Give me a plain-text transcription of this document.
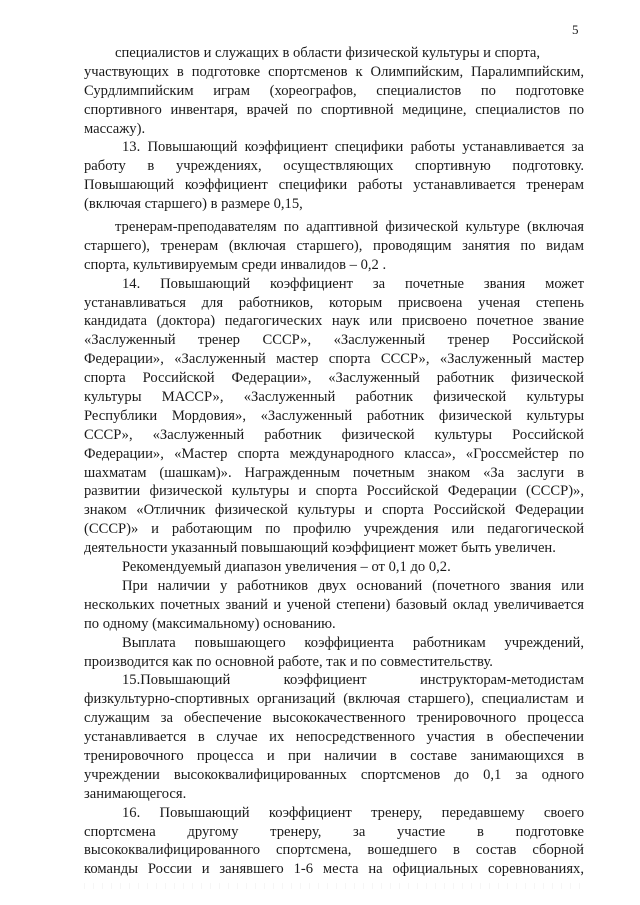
5
специалистов и служащих в области физической культуры и спорта,
участвующих в подготовке спортсменов к Олимпийским, Паралимпийским,
Сурдлимпийским играм (хореографов, специалистов по подготовке
спортивного инвентаря, врачей по спортивной медицине, специалистов по
массажу).
13. Повышающий коэффициент специфики работы устанавливается за
работу в учреждениях, осуществляющих спортивную подготовку.
Повышающий коэффициент специфики работы устанавливается тренерам
(включая старшего) в размере 0,15,
тренерам-преподавателям по адаптивной физической культуре (включая
старшего), тренерам (включая старшего), проводящим занятия по видам
спорта, культивируемым среди инвалидов – 0,2 .
14. Повышающий коэффициент за почетные звания может
устанавливаться для работников, которым присвоена ученая степень
кандидата (доктора) педагогических наук или присвоено почетное звание
«Заслуженный тренер СССР», «Заслуженный тренер Российской
Федерации», «Заслуженный мастер спорта СССР», «Заслуженный мастер
спорта Российской Федерации», «Заслуженный работник физической
культуры МАССР», «Заслуженный работник физической культуры
Республики Мордовия», «Заслуженный работник физической культуры
СССР», «Заслуженный работник физической культуры Российской
Федерации», «Мастер спорта международного класса», «Гроссмейстер по
шахматам (шашкам)». Награжденным почетным знаком «За заслуги в
развитии физической культуры и спорта Российской Федерации (СССР)»,
знаком «Отличник физической культуры и спорта Российской Федерации
(СССР)» и работающим по профилю учреждения или педагогической
деятельности указанный повышающий коэффициент может быть увеличен.
Рекомендуемый диапазон увеличения – от 0,1 до 0,2.
При наличии у работников двух оснований (почетного звания или
нескольких почетных званий и ученой степени) базовый оклад увеличивается
по одному (максимальному) основанию.
Выплата повышающего коэффициента работникам учреждений,
производится как по основной работе, так и по совместительству.
15.Повышающий коэффициент инструкторам-методистам
физкультурно-спортивных организаций (включая старшего), специалистам и
служащим за обеспечение высококачественного тренировочного процесса
устанавливается в случае их непосредственного участия в обеспечении
тренировочного процесса и при наличии в составе занимающихся в
учреждении высококвалифицированных спортсменов до 0,1 за одного
занимающегося.
16. Повышающий коэффициент тренеру, передавшему своего
спортсмена другому тренеру, за участие в подготовке
высококвалифицированного спортсмена, вошедшего в состав сборной
команды России и занявшего 1-6 места на официальных соревнованиях,
